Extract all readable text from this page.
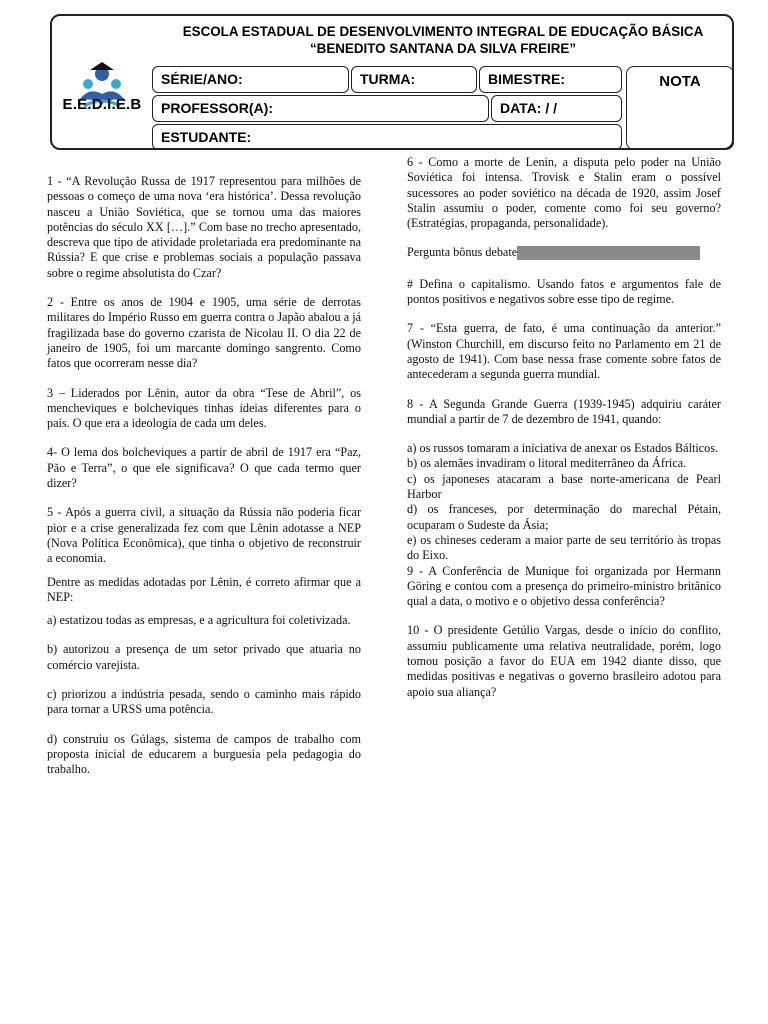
E.E.D.I.E.B
ESCOLA ESTADUAL DE DESENVOLVIMENTO INTEGRAL DE EDUCAÇÃO BÁSICA
“BENEDITO SANTANA DA SILVA FREIRE”
SÉRIE/ANO:	TURMA:	BIMESTRE:	NOTA
PROFESSOR(A):	DATA: / /
ESTUDANTE:

1 - “A Revolução Russa de 1917 representou para milhões de pessoas o começo de uma nova ‘era histórica’. Dessa revolução nasceu a União Soviética, que se tornou uma das maiores potências do século XX […].” Com base no trecho apresentado, descreva que tipo de atividade proletariada era predominante na Rússia? E que crise e problemas sociais a população passava sobre o regime absolutista do Czar?

2 - Entre os anos de 1904 e 1905, uma série de derrotas militares do Império Russo em guerra contra o Japão abalou a já fragilizada base do governo czarista de Nicolau II. O dia 22 de janeiro de 1905, foi um marcante domingo sangrento. Como fatos que ocorreram nesse dia?

3 – Liderados por Lênin, autor da obra “Tese de Abril”, os mencheviques e bolcheviques tinhas ideias diferentes para o país. O que era a ideologia de cada um deles.

4- O lema dos bolcheviques a partir de abril de 1917 era “Paz, Pão e Terra”, o que ele significava? O que cada termo quer dizer?

5 - Após a guerra civil, a situação da Rússia não poderia ficar pior e a crise generalizada fez com que Lênin adotasse a NEP (Nova Política Econômica), que tinha o objetivo de reconstruir a economia.

Dentre as medidas adotadas por Lênin, é correto afirmar que a NEP:

a) estatizou todas as empresas, e a agricultura foi coletivizada.

b) autorizou a presença de um setor privado que atuaria no comércio varejista.

c) priorizou a indústria pesada, sendo o caminho mais rápido para tornar a URSS uma potência.

d) construiu os Gúlags, sistema de campos de trabalho com proposta inicial de educarem a burguesia pela pedagogia do trabalho.

6 - Como a morte de Lenin, a disputa pelo poder na União Soviética foi intensa. Trovisk e Stalin eram o possível sucessores ao poder soviético na década de 1920, assim Josef Stalin assumiu o poder, comente como foi seu governo? (Estratégias, propaganda, personalidade).

Pergunta bônus debate

# Defina o capitalismo. Usando fatos e argumentos fale de pontos positivos e negativos sobre esse tipo de regime.

7 - “Esta guerra, de fato, é uma continuação da anterior.” (Winston Churchill, em discurso feito no Parlamento em 21 de agosto de 1941). Com base nessa frase comente sobre fatos de antecederam a segunda guerra mundial.

8 - A Segunda Grande Guerra (1939-1945) adquiriu caráter mundial a partir de 7 de dezembro de 1941, quando:

a) os russos tomaram a iniciativa de anexar os Estados Bálticos.

b) os alemães invadiram o litoral mediterrâneo da África.

c) os japoneses atacaram a base norte-americana de Pearl Harbor

d) os franceses, por determinação do marechal Pétain, ocuparam o Sudeste da Ásia;

e) os chineses cederam a maior parte de seu território às tropas do Eixo.

9 - A Conferência de Munique foi organizada por Hermann Göring e contou com a presença do primeiro-ministro britânico qual a data, o motivo e o objetivo dessa conferência?

10 - O presidente Getúlio Vargas, desde o início do conflito, assumiu publicamente uma relativa neutralidade, porém, logo tomou posição a favor do EUA em 1942 diante disso, que medidas positivas e negativas o governo brasileiro adotou para apoio sua aliança?
